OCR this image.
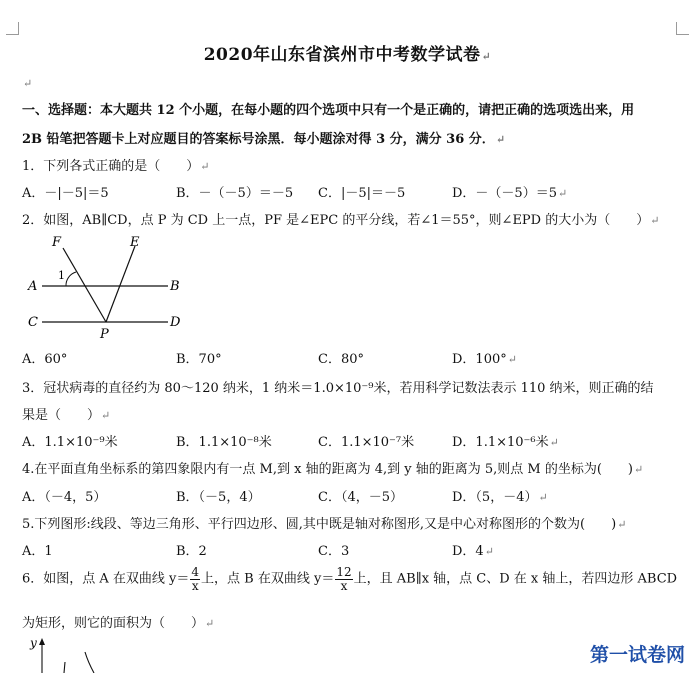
2020年山东省滨州市中考数学试卷↵
↵
一、选择题：本大题共 12 个小题，在每小题的四个选项中只有一个是正确的，请把正确的选项选出来，用
2B 铅笔把答题卡上对应题目的答案标号涂黑．每小题涂对得 3 分，满分 36 分．↵
1．下列各式正确的是（　　）↵
A．－|－5|＝5	B．－（－5）＝－5 C．|－5|＝－5	D．－（－5）＝5↵
2．如图，AB∥CD，点 P 为 CD 上一点，PF 是∠EPC 的平分线，若∠1＝55°，则∠EPD 的大小为（　　）↵
F	E
1
A	B
C
P
D
A．60°	B．70°	C．80°	D．100°↵
3．冠状病毒的直径约为 80～120 纳米，1 纳米＝1.0×10⁻⁹米，若用科学记数法表示 110 纳米，则正确的结
果是（　　）↵
A．1.1×10⁻⁹米	B．1.1×10⁻⁸米	C．1.1×10⁻⁷米	D．1.1×10⁻⁶米↵
4.在平面直角坐标系的第四象限内有一点 M,到 x 轴的距离为 4,到 y 轴的距离为 5,则点 M 的坐标为(　　)↵
A．（－4，5）	B．（－5，4）	C．（4，－5）	D．（5，－4）↵
5.下列图形:线段、等边三角形、平行四边形、圆,其中既是轴对称图形,又是中心对称图形的个数为(　　)↵
A．1	B．2	C．3	D．4↵
6．如图，点 A 在双曲线 $y= \frac{4}{x}$ 上，点 B 在双曲线 $y= \frac{12}{x}$ 上，且 AB∥x 轴，点 C、D 在 x 轴上，若四边形 ABCD
为矩形，则它的面积为（　　）↵
y
第一试卷网
